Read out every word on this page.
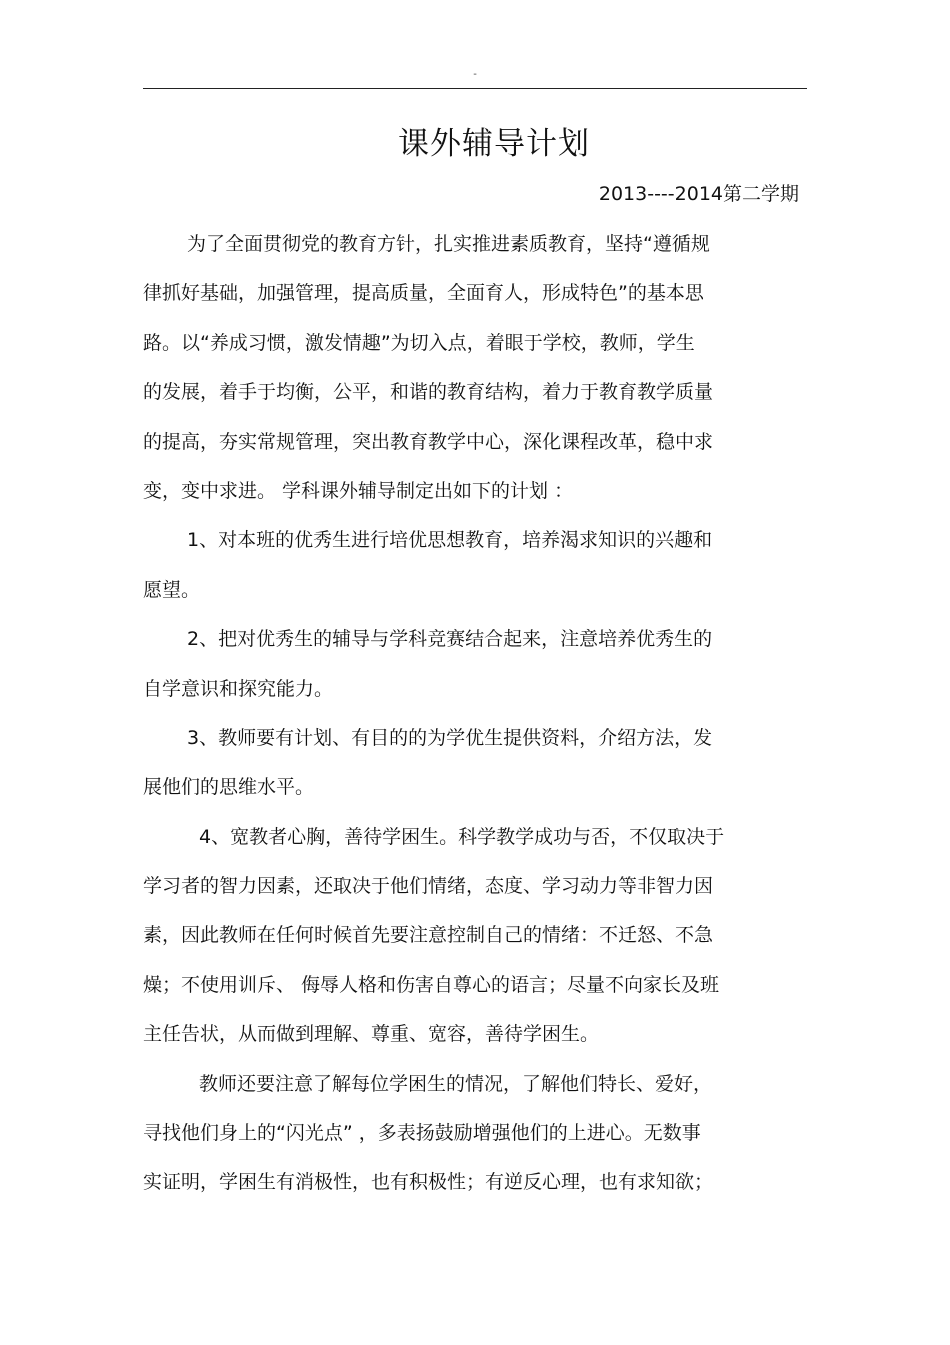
-
课外辅导计划
2013----2014第二学期
为了全面贯彻党的教育方针，扎实推进素质教育，坚持“遵循规
律抓好基础，加强管理，提高质量，全面育人，形成特色”的基本思
路。以“养成习惯，激发情趣”为切入点，着眼于学校，教师，学生
的发展，着手于均衡，公平，和谐的教育结构，着力于教育教学质量
的提高，夯实常规管理，突出教育教学中心，深化课程改革，稳中求
变，变中求进。 学科课外辅导制定出如下的计划 ：
1、对本班的优秀生进行培优思想教育，培养渴求知识的兴趣和
愿望。
2、把对优秀生的辅导与学科竞赛结合起来，注意培养优秀生的
自学意识和探究能力。
3、教师要有计划、有目的的为学优生提供资料，介绍方法，发
展他们的思维水平。
4、宽教者心胸，善待学困生。科学教学成功与否，不仅取决于
学习者的智力因素，还取决于他们情绪，态度、学习动力等非智力因
素，因此教师在任何时候首先要注意控制自己的情绪：不迁怒、不急
燥；不使用训斥、 侮辱人格和伤害自尊心的语言；尽量不向家长及班
主任告状，从而做到理解、尊重、宽容，善待学困生。
教师还要注意了解每位学困生的情况，了解他们特长、爱好，
寻找他们身上的“闪光点” ，多表扬鼓励增强他们的上进心。无数事
实证明，学困生有消极性，也有积极性；有逆反心理，也有求知欲；
